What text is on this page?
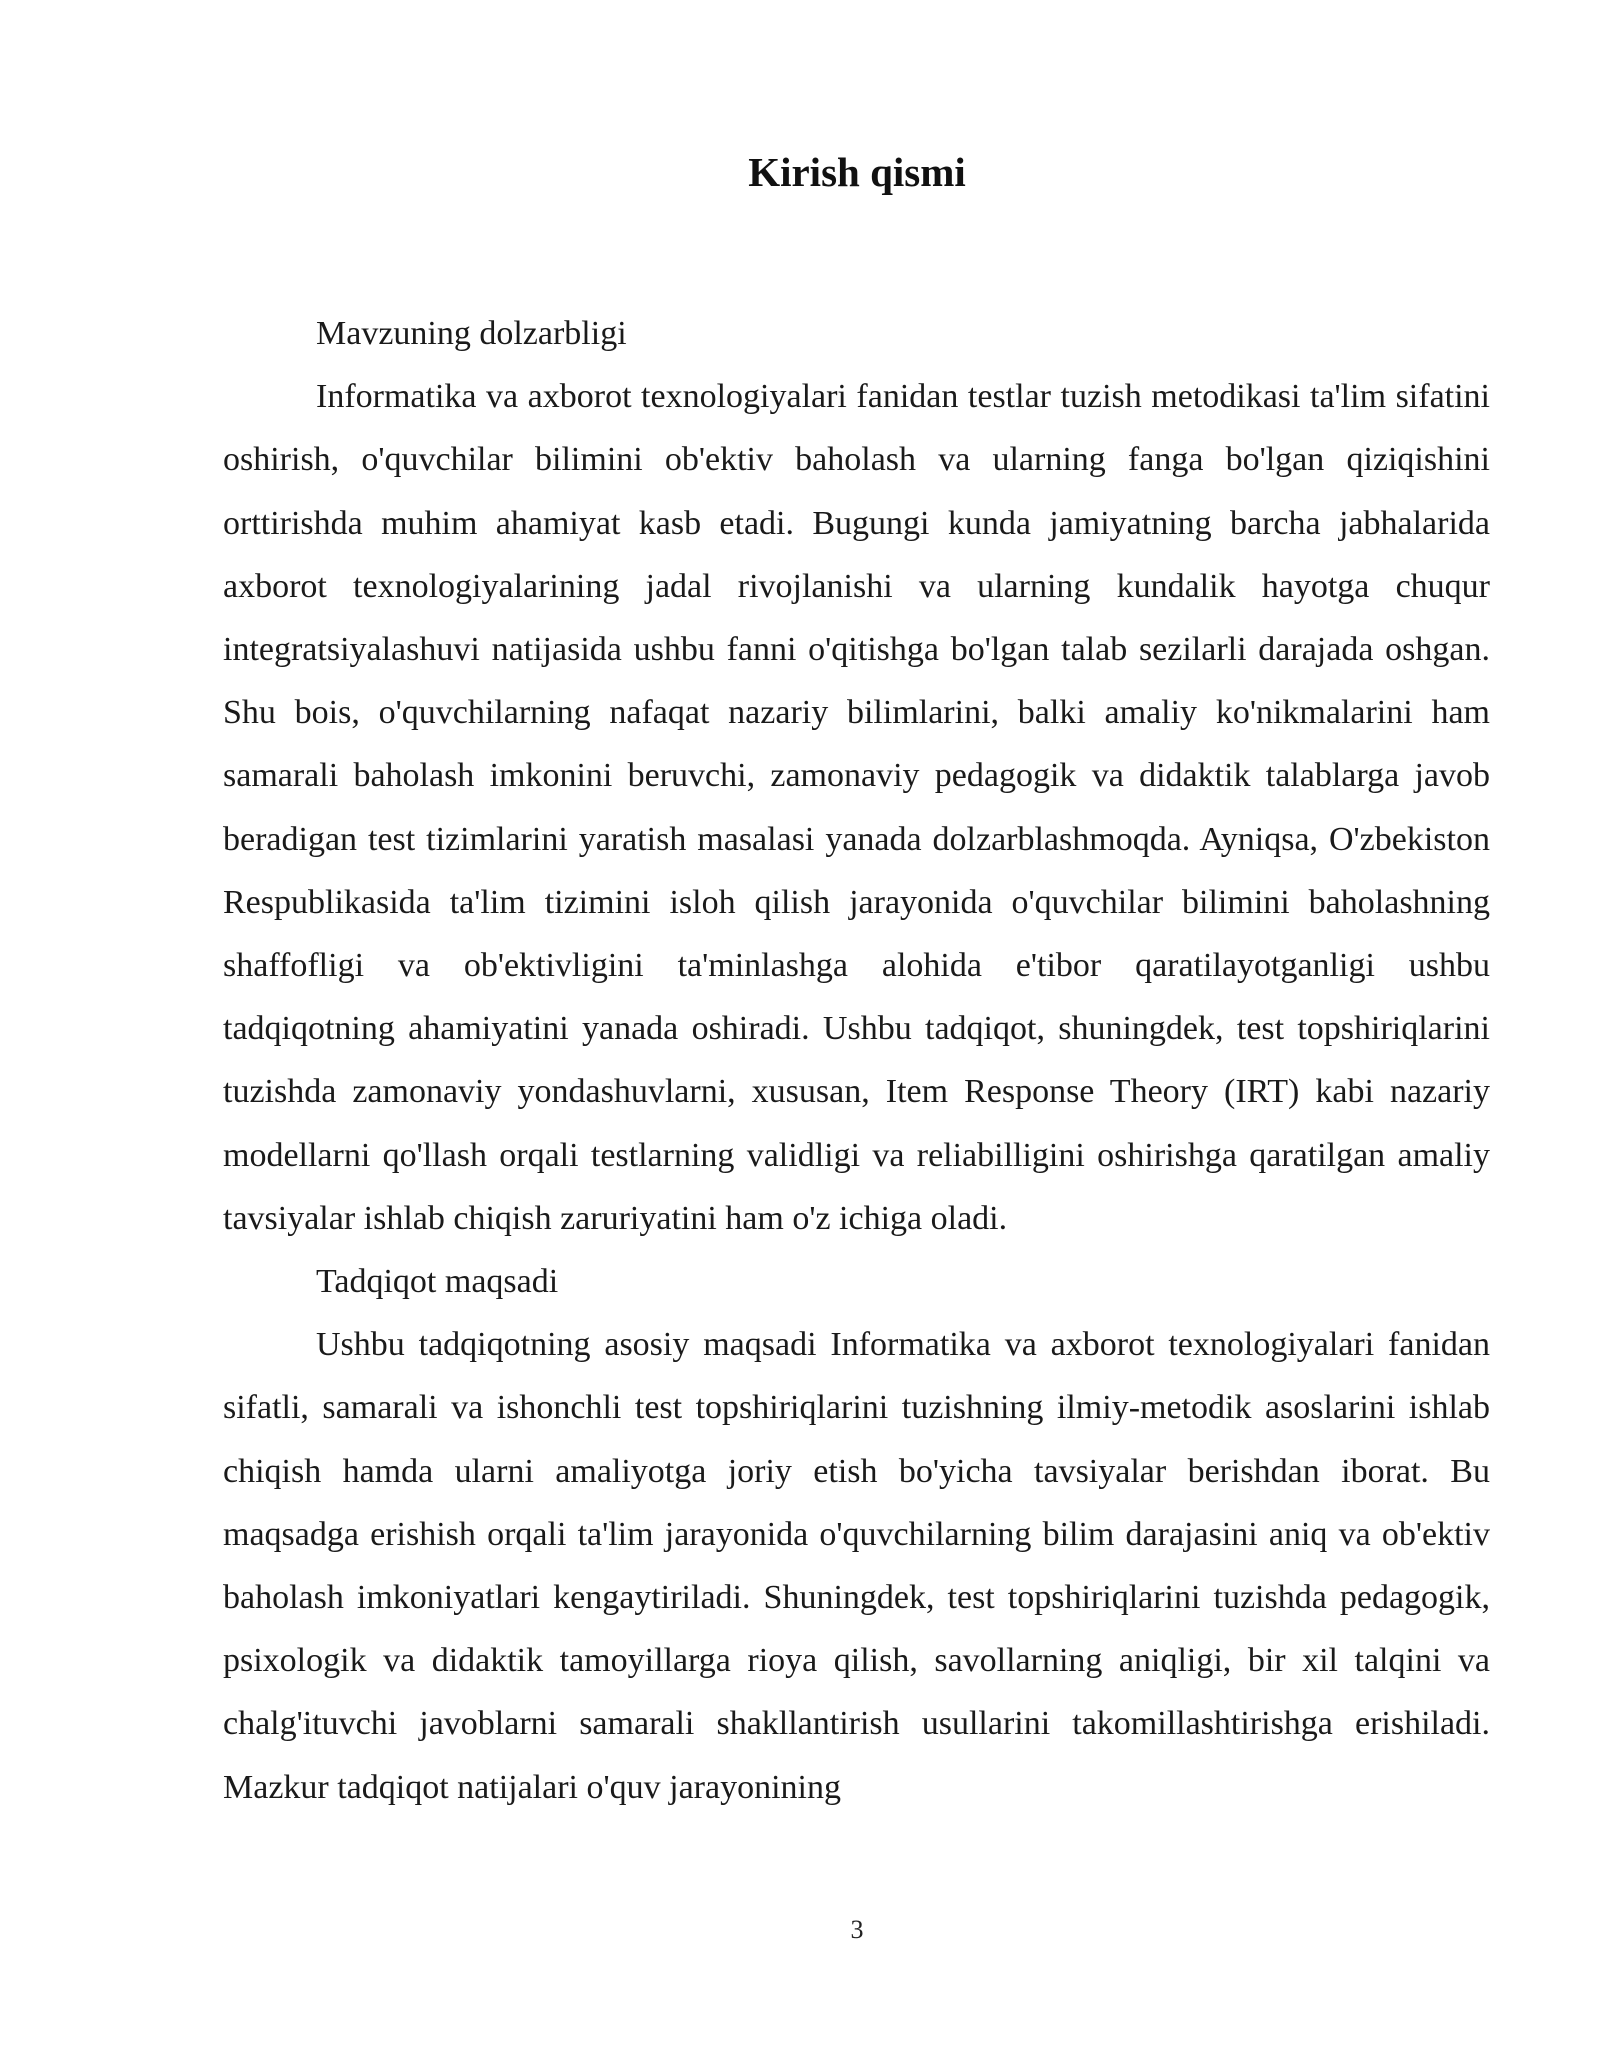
Kirish qismi

Mavzuning dolzarbligi

Informatika va axborot texnologiyalari fanidan testlar tuzish metodikasi ta'lim sifatini oshirish, o'quvchilar bilimini ob'ektiv baholash va ularning fanga bo'lgan qiziqishini orttirishda muhim ahamiyat kasb etadi. Bugungi kunda jamiyatning barcha jabhalarida axborot texnologiyalarining jadal rivojlanishi va ularning kundalik hayotga chuqur integratsiyalashuvi natijasida ushbu fanni o'qitishga bo'lgan talab sezilarli darajada oshgan. Shu bois, o'quvchilarning nafaqat nazariy bilimlarini, balki amaliy ko'nikmalarini ham samarali baholash imkonini beruvchi, zamonaviy pedagogik va didaktik talablarga javob beradigan test tizimlarini yaratish masalasi yanada dolzarblashmoqda. Ayniqsa, O'zbekiston Respublikasida ta'lim tizimini isloh qilish jarayonida o'quvchilar bilimini baholashning shaffofligi va ob'ektivligini ta'minlashga alohida e'tibor qaratilayotganligi ushbu tadqiqotning ahamiyatini yanada oshiradi. Ushbu tadqiqot, shuningdek, test topshiriqlarini tuzishda zamonaviy yondashuvlarni, xususan, Item Response Theory (IRT) kabi nazariy modellarni qo'llash orqali testlarning validligi va reliabilligini oshirishga qaratilgan amaliy tavsiyalar ishlab chiqish zaruriyatini ham o'z ichiga oladi.

Tadqiqot maqsadi

Ushbu tadqiqotning asosiy maqsadi Informatika va axborot texnologiyalari fanidan sifatli, samarali va ishonchli test topshiriqlarini tuzishning ilmiy-metodik asoslarini ishlab chiqish hamda ularni amaliyotga joriy etish bo'yicha tavsiyalar berishdan iborat. Bu maqsadga erishish orqali ta'lim jarayonida o'quvchilarning bilim darajasini aniq va ob'ektiv baholash imkoniyatlari kengaytiriladi. Shuningdek, test topshiriqlarini tuzishda pedagogik, psixologik va didaktik tamoyillarga rioya qilish, savollarning aniqligi, bir xil talqini va chalg'ituvchi javoblarni samarali shakllantirish usullarini takomillashtirishga erishiladi. Mazkur tadqiqot natijalari o'quv jarayonining

3
